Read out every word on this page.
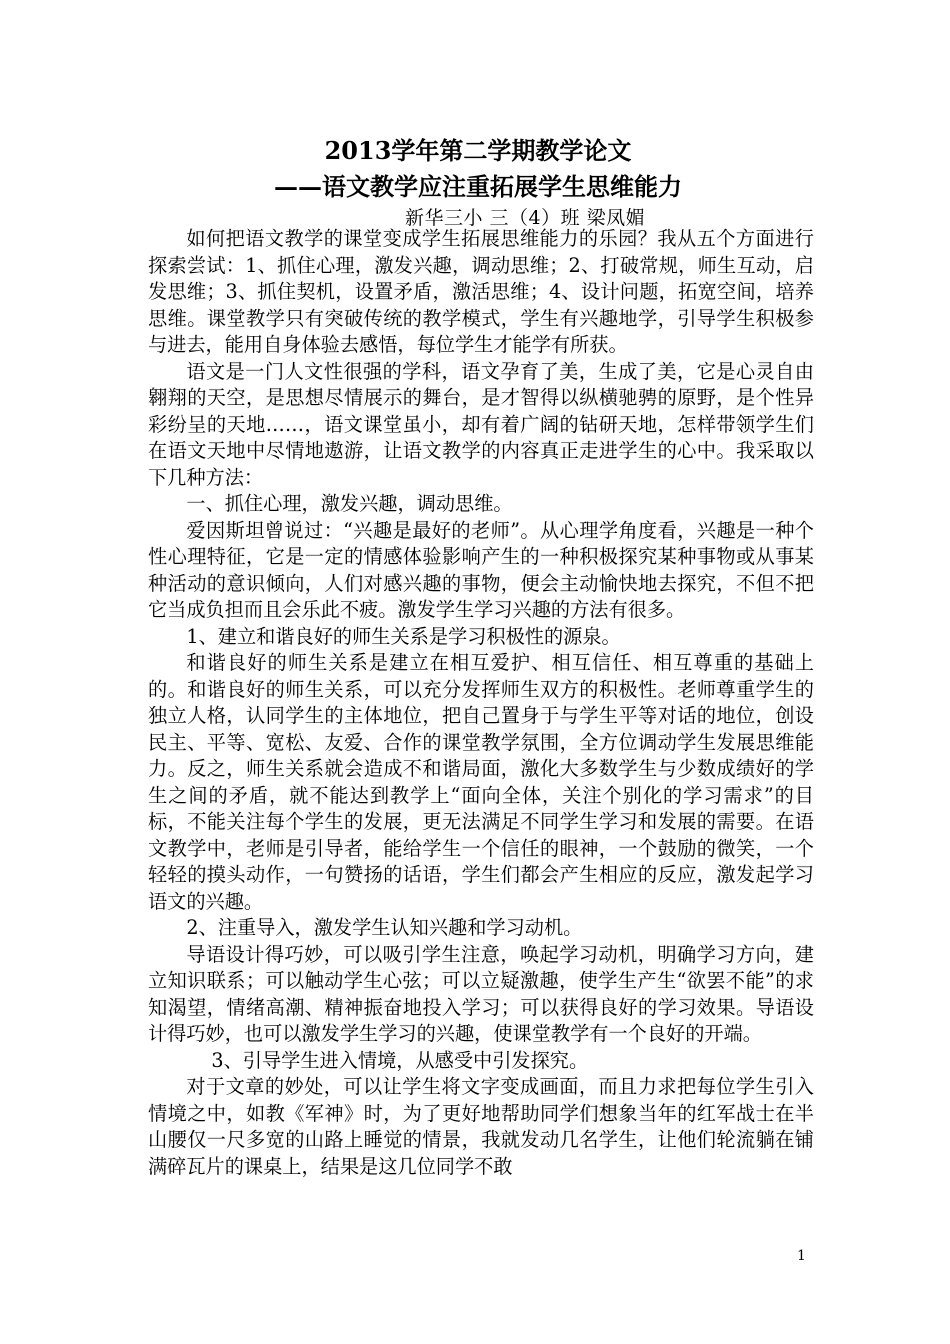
2013学年第二学期教学论文
——语文教学应注重拓展学生思维能力
新华三小 三（4）班 梁凤媚

如何把语文教学的课堂变成学生拓展思维能力的乐园？我从五个方面进行探索尝试：1、抓住心理，激发兴趣，调动思维；2、打破常规，师生互动，启发思维；3、抓住契机，设置矛盾，激活思维；4、设计问题，拓宽空间，培养思维。课堂教学只有突破传统的教学模式，学生有兴趣地学，引导学生积极参与进去，能用自身体验去感悟，每位学生才能学有所获。

语文是一门人文性很强的学科，语文孕育了美，生成了美，它是心灵自由翱翔的天空，是思想尽情展示的舞台，是才智得以纵横驰骋的原野，是个性异彩纷呈的天地……，语文课堂虽小，却有着广阔的钻研天地，怎样带领学生们在语文天地中尽情地遨游，让语文教学的内容真正走进学生的心中。我采取以下几种方法：

一、抓住心理，激发兴趣，调动思维。

爱因斯坦曾说过：“兴趣是最好的老师”。从心理学角度看，兴趣是一种个性心理特征，它是一定的情感体验影响产生的一种积极探究某种事物或从事某种活动的意识倾向，人们对感兴趣的事物，便会主动愉快地去探究，不但不把它当成负担而且会乐此不疲。激发学生学习兴趣的方法有很多。

1、建立和谐良好的师生关系是学习积极性的源泉。

和谐良好的师生关系是建立在相互爱护、相互信任、相互尊重的基础上的。和谐良好的师生关系，可以充分发挥师生双方的积极性。老师尊重学生的独立人格，认同学生的主体地位，把自己置身于与学生平等对话的地位，创设民主、平等、宽松、友爱、合作的课堂教学氛围，全方位调动学生发展思维能力。反之，师生关系就会造成不和谐局面，激化大多数学生与少数成绩好的学生之间的矛盾，就不能达到教学上“面向全体，关注个别化的学习需求”的目标，不能关注每个学生的发展，更无法满足不同学生学习和发展的需要。在语文教学中，老师是引导者，能给学生一个信任的眼神，一个鼓励的微笑，一个轻轻的摸头动作，一句赞扬的话语，学生们都会产生相应的反应，激发起学习语文的兴趣。

2、注重导入，激发学生认知兴趣和学习动机。

导语设计得巧妙，可以吸引学生注意，唤起学习动机，明确学习方向，建立知识联系；可以触动学生心弦；可以立疑激趣，使学生产生“欲罢不能”的求知渴望，情绪高潮、精神振奋地投入学习；可以获得良好的学习效果。导语设计得巧妙，也可以激发学生学习的兴趣，使课堂教学有一个良好的开端。

3、引导学生进入情境，从感受中引发探究。

对于文章的妙处，可以让学生将文字变成画面，而且力求把每位学生引入情境之中，如教《军神》时，为了更好地帮助同学们想象当年的红军战士在半山腰仅一尺多宽的山路上睡觉的情景，我就发动几名学生，让他们轮流躺在铺满碎瓦片的课桌上，结果是这几位同学不敢

1
